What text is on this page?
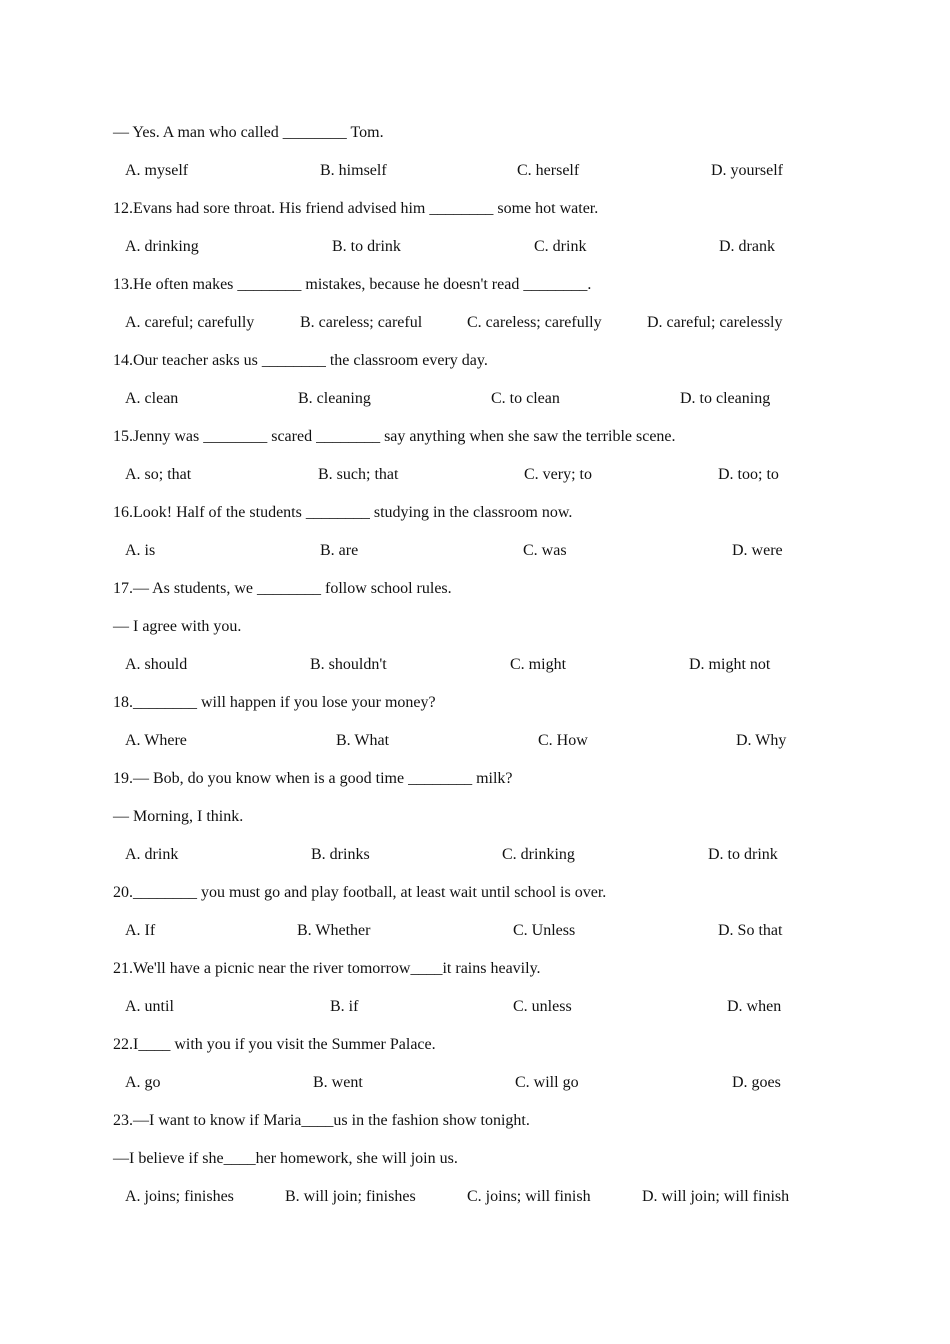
— Yes. A man who called ________ Tom.
A. myself	B. himself	C. herself	D. yourself
12.Evans had sore throat. His friend advised him ________ some hot water.
A. drinking	B. to drink	C. drink	D. drank
13.He often makes ________ mistakes, because he doesn't read ________.
A. careful; carefully	B. careless; careful	C. careless; carefully	D. careful; carelessly
14.Our teacher asks us ________ the classroom every day.
A. clean	B. cleaning	C. to clean	D. to cleaning
15.Jenny was ________ scared ________ say anything when she saw the terrible scene.
A. so; that	B. such; that	C. very; to	D. too; to
16.Look! Half of the students ________ studying in the classroom now.
A. is	B. are	C. was	D. were
17.— As students, we ________ follow school rules.
— I agree with you.
A. should	B. shouldn't	C. might	D. might not
18.________ will happen if you lose your money?
A. Where	B. What	C. How	D. Why
19.— Bob, do you know when is a good time ________ milk?
— Morning, I think.
A. drink	B. drinks	C. drinking	D. to drink
20.________ you must go and play football, at least wait until school is over.
A. If	B. Whether	C. Unless	D. So that
21.We'll have a picnic near the river tomorrow____it rains heavily.
A. until	B. if	C. unless	D. when
22.I____ with you if you visit the Summer Palace.
A. go	B. went	C. will go	D. goes
23.—I want to know if Maria____us in the fashion show tonight.
—I believe if she____her homework, she will join us.
A. joins; finishes	B. will join; finishes	C. joins; will finish	D. will join; will finish
